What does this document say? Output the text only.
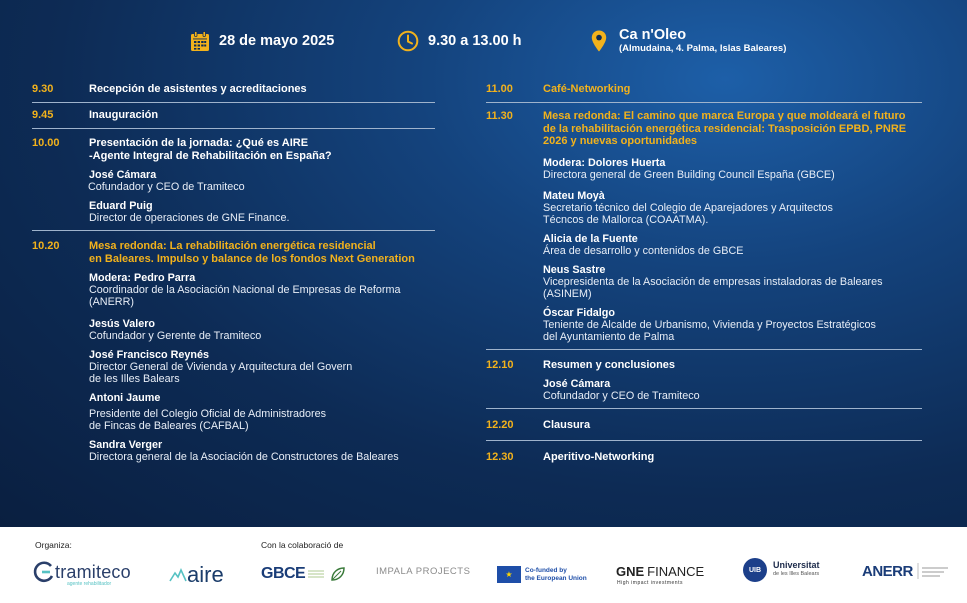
28 de mayo 2025	9.30 a 13.00 h	Ca n'Oleo
(Almudaina, 4. Palma, Islas Baleares)
9.30	Recepción de asistentes y acreditaciones
9.45	Inauguración
10.00	Presentación de la jornada: ¿Qué es AIRE
-Agente Integral de Rehabilitación en España?
José Cámara
Cofundador y CEO de Tramiteco
Eduard Puig
Director de operaciones de GNE Finance.
10.20	Mesa redonda: La rehabilitación energética residencial
en Baleares. Impulso y balance de los fondos Next Generation
Modera: Pedro Parra
Coordinador de la Asociación Nacional de Empresas de Reforma
(ANERR)
Jesús Valero
Cofundador y Gerente de Tramiteco
José Francisco Reynés
Director General de Vivienda y Arquitectura del Govern
de les Illes Balears
Antoni Jaume
Presidente del Colegio Oficial de Administradores
de Fincas de Baleares (CAFBAL)
Sandra Verger
Directora general de la Asociación de Constructores de Baleares
11.00	Café-Networking
11.30	Mesa redonda: El camino que marca Europa y que moldeará el futuro
de la rehabilitación energética residencial: Trasposición EPBD, PNRE
2026 y nuevas oportunidades
Modera: Dolores Huerta
Directora general de Green Building Council España (GBCE)
Mateu Moyà
Secretario técnico del Colegio de Aparejadores y Arquitectos
Técncos de Mallorca (COAATMA).
Alicia de la Fuente
Área de desarrollo y contenidos de GBCE
Neus Sastre
Vicepresidenta de la Asociación de empresas instaladoras de Baleares
(ASINEM)
Óscar Fidalgo
Teniente de Alcalde de Urbanismo, Vivienda y Proyectos Estratégicos
del Ayuntamiento de Palma
12.10	Resumen y conclusiones
José Cámara
Cofundador y CEO de Tramiteco
12.20	Clausura
12.30	Aperitivo-Networking
Organiza:	Con la colaboració de
tramiteco
agente rehabilitador	aire GBCE	IMPALA PROJECTS	★	Co-funded by
the European Union GNE FINANCE
High impact investments
UIB	Universitat
de les Illes Balears	ANERR
